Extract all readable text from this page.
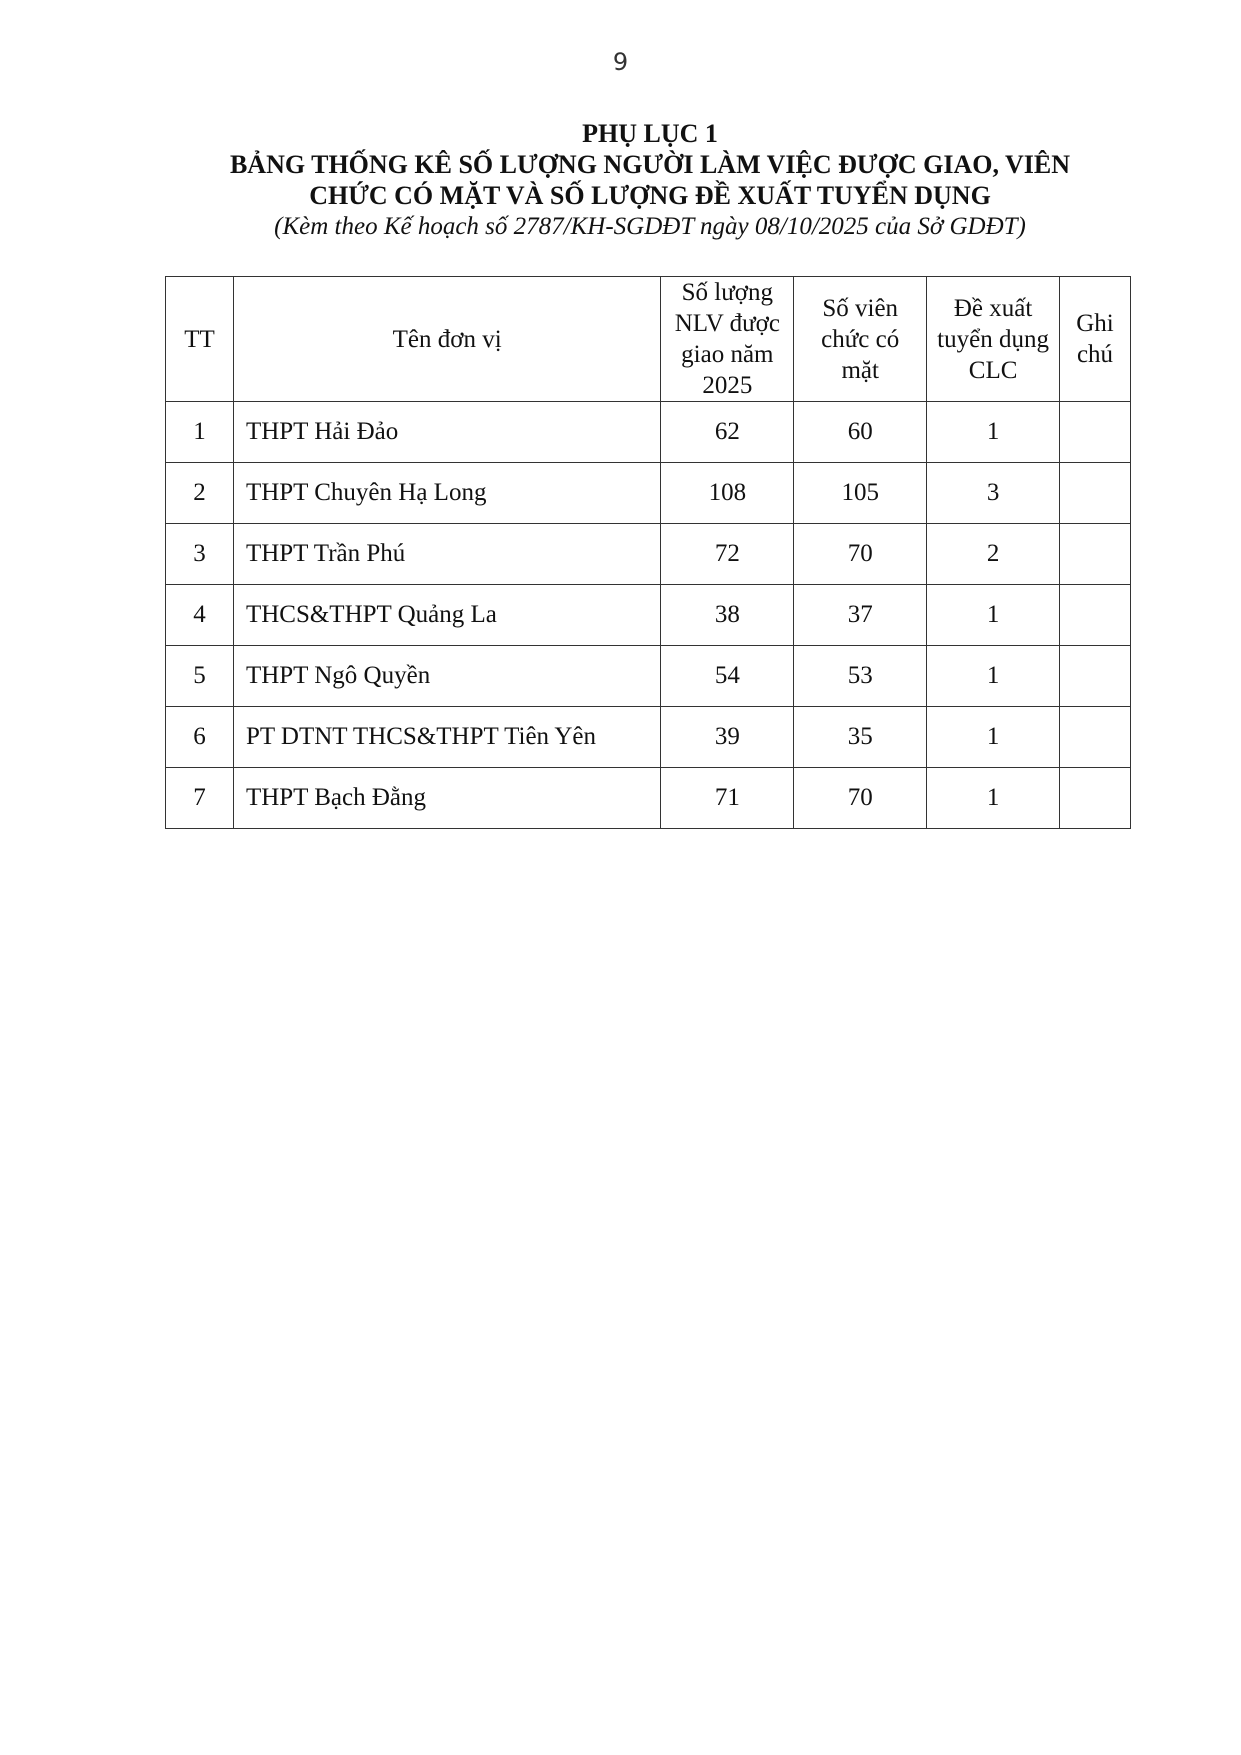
9
PHỤ LỤC 1
BẢNG THỐNG KÊ SỐ LƯỢNG NGƯỜI LÀM VIỆC ĐƯỢC GIAO, VIÊN
CHỨC CÓ MẶT VÀ SỐ LƯỢNG ĐỀ XUẤT TUYỂN DỤNG
(Kèm theo Kế hoạch số 2787/KH-SGDĐT ngày 08/10/2025 của Sở GDĐT)
TT	Tên đơn vị	Số lượng NLV được giao năm 2025	Số viên chức có mặt	Đề xuất tuyển dụng CLC	Ghi chú
1	THPT Hải Đảo	62	60	1	
2	THPT Chuyên Hạ Long	108	105	3	
3	THPT Trần Phú	72	70	2	
4	THCS&THPT Quảng La	38	37	1	
5	THPT Ngô Quyền	54	53	1	
6	PT DTNT THCS&THPT Tiên Yên	39	35	1	
7	THPT Bạch Đằng	71	70	1	
